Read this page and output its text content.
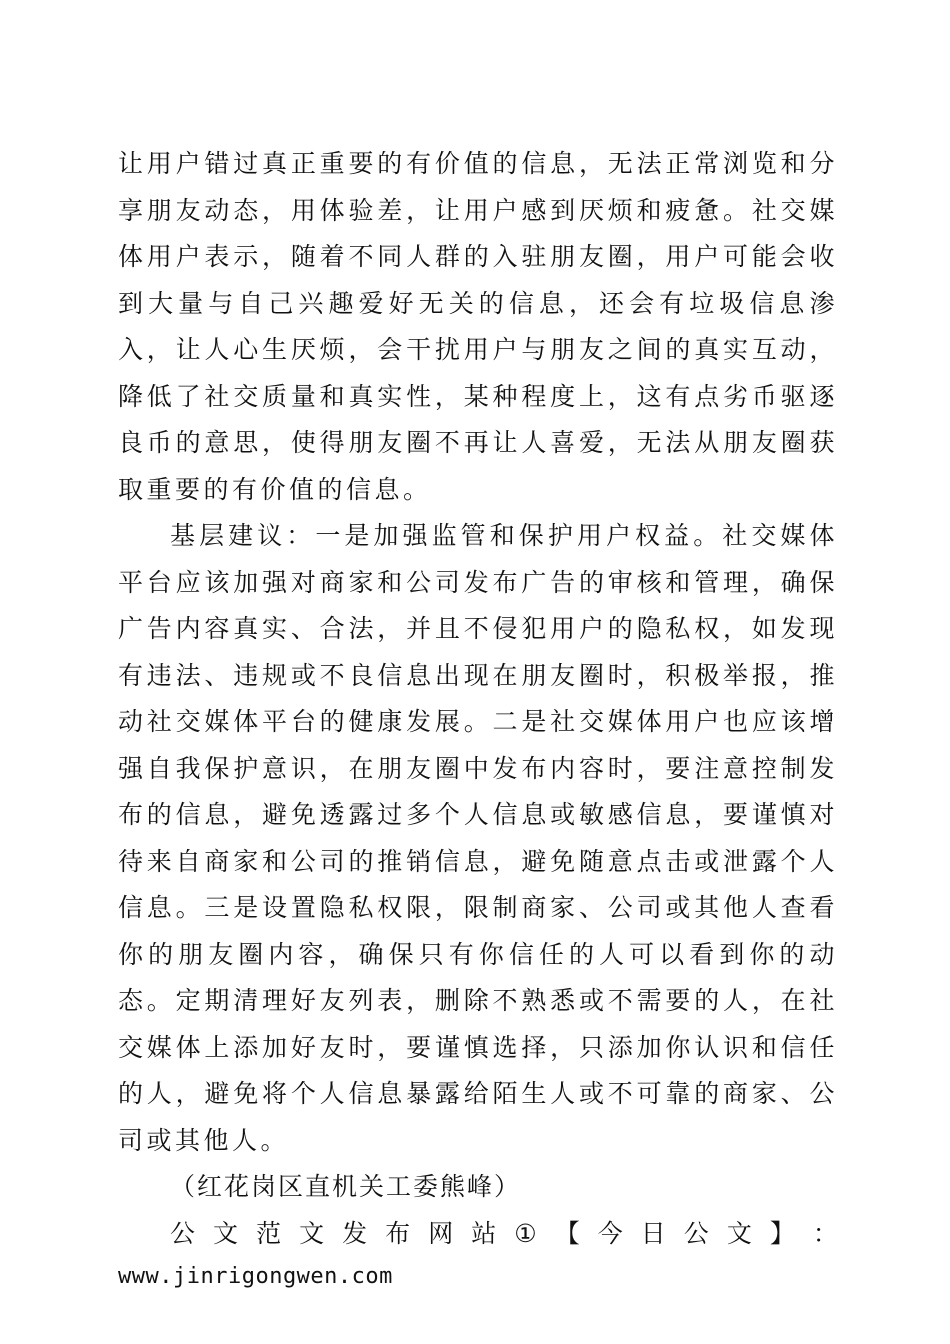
让用户错过真正重要的有价值的信息，无法正常浏览和分享朋友动态，用体验差，让用户感到厌烦和疲惫。社交媒体用户表示，随着不同人群的入驻朋友圈，用户可能会收到大量与自己兴趣爱好无关的信息，还会有垃圾信息渗入，让人心生厌烦，会干扰用户与朋友之间的真实互动，降低了社交质量和真实性，某种程度上，这有点劣币驱逐良币的意思，使得朋友圈不再让人喜爱，无法从朋友圈获取重要的有价值的信息。

基层建议：一是加强监管和保护用户权益。社交媒体平台应该加强对商家和公司发布广告的审核和管理，确保广告内容真实、合法，并且不侵犯用户的隐私权，如发现有违法、违规或不良信息出现在朋友圈时，积极举报，推动社交媒体平台的健康发展。二是社交媒体用户也应该增强自我保护意识，在朋友圈中发布内容时，要注意控制发布的信息，避免透露过多个人信息或敏感信息，要谨慎对待来自商家和公司的推销信息，避免随意点击或泄露个人信息。三是设置隐私权限，限制商家、公司或其他人查看你的朋友圈内容，确保只有你信任的人可以看到你的动态。定期清理好友列表，删除不熟悉或不需要的人，在社交媒体上添加好友时，要谨慎选择，只添加你认识和信任的人，避免将个人信息暴露给陌生人或不可靠的商家、公司或其他人。

（红花岗区直机关工委熊峰）

公 文 范 文 发 布 网 站 ① 【 今 日 公 文 】 ：

www.jinrigongwen.com
